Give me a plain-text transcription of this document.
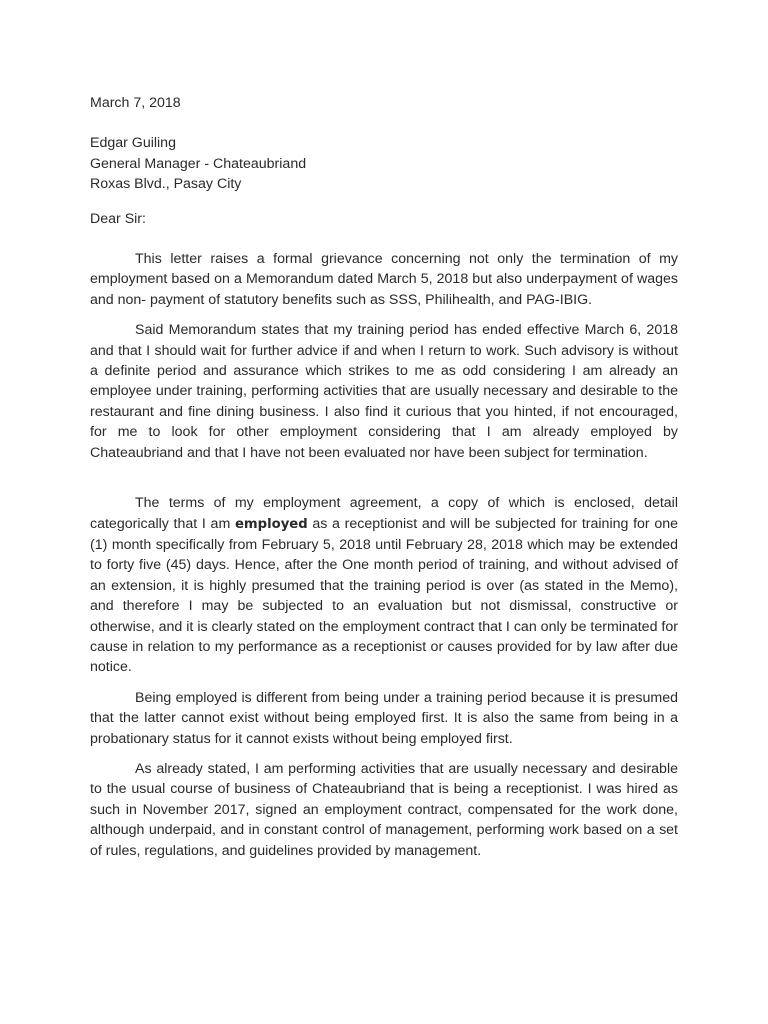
March 7, 2018
Edgar Guiling
General Manager - Chateaubriand
Roxas Blvd., Pasay City
Dear Sir:

This letter raises a formal grievance concerning not only the termination of my employment based on a Memorandum dated March 5, 2018 but also underpayment of wages and non- payment of statutory benefits such as SSS, Philihealth, and PAG-IBIG.

Said Memorandum states that my training period has ended effective March 6, 2018 and that I should wait for further advice if and when I return to work. Such advisory is without a definite period and assurance which strikes to me as odd considering I am already an employee under training, performing activities that are usually necessary and desirable to the restaurant and fine dining business. I also find it curious that you hinted, if not encouraged, for me to look for other employment considering that I am already employed by Chateaubriand and that I have not been evaluated nor have been subject for termination.

The terms of my employment agreement, a copy of which is enclosed, detail categorically that I am employed as a receptionist and will be subjected for training for one (1) month specifically from February 5, 2018 until February 28, 2018 which may be extended to forty five (45) days. Hence, after the One month period of training, and without advised of an extension, it is highly presumed that the training period is over (as stated in the Memo), and therefore I may be subjected to an evaluation but not dismissal, constructive or otherwise, and it is clearly stated on the employment contract that I can only be terminated for cause in relation to my performance as a receptionist or causes provided for by law after due notice.

Being employed is different from being under a training period because it is presumed that the latter cannot exist without being employed first. It is also the same from being in a probationary status for it cannot exists without being employed first.

As already stated, I am performing activities that are usually necessary and desirable to the usual course of business of Chateaubriand that is being a receptionist. I was hired as such in November 2017, signed an employment contract, compensated for the work done, although underpaid, and in constant control of management, performing work based on a set of rules, regulations, and guidelines provided by management.
